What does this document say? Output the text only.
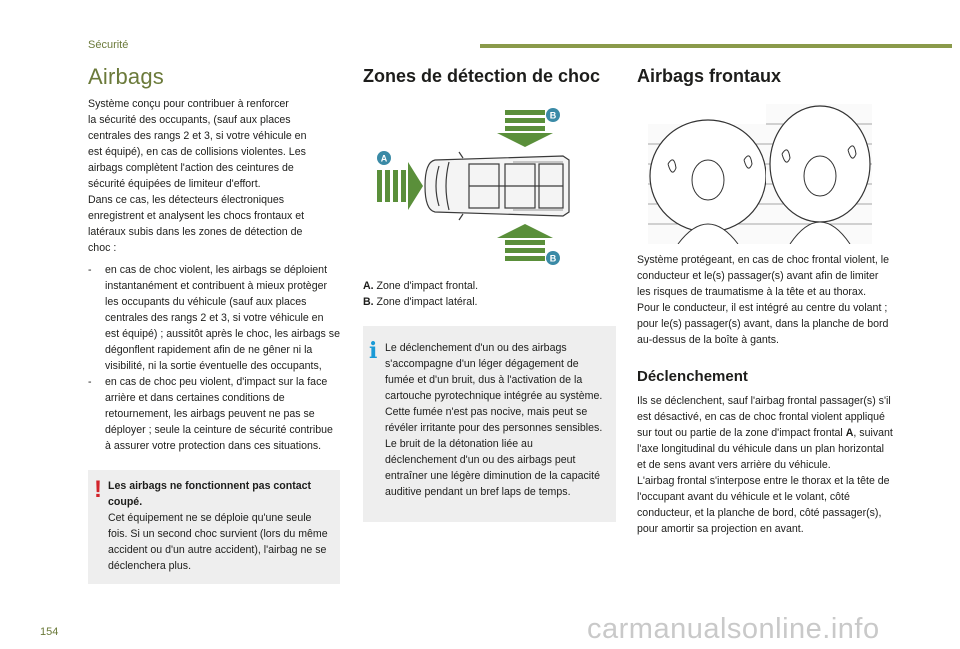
Sécurité
154	carmanualsonline.info
Airbags

Système conçu pour contribuer à renforcer

la sécurité des occupants, (sauf aux places

centrales des rangs 2 et 3, si votre véhicule en

est équipé), en cas de collisions violentes. Les

airbags complètent l'action des ceintures de

sécurité équipées de limiteur d'effort.

Dans ce cas, les détecteurs électroniques

enregistrent et analysent les chocs frontaux et

latéraux subis dans les zones de détection de

choc :

- en cas de choc violent, les airbags se déploient instantanément et contribuent à mieux protèger les occupants du véhicule (sauf aux places centrales des rangs 2 et 3, si votre véhicule en est équipé) ; aussitôt après le choc, les airbags se dégonflent rapidement afin de ne gêner ni la visibilité, ni la sortie éventuelle des occupants,
- en cas de choc peu violent, d'impact sur la face arrière et dans certaines conditions de retournement, les airbags peuvent ne pas se déployer ; seule la ceinture de sécurité contribue à assurer votre protection dans ces situations.
! Les airbags ne fonctionnent pas contact coupé.

Cet équipement ne se déploie qu'une seule fois. Si un second choc survient (lors du même accident ou d'un autre accident), l'airbag ne se déclenchera plus.

Zones de détection de choc
B
B
A
A. Zone d'impact frontal.
B. Zone d'impact latéral.
i Le déclenchement d'un ou des airbags s'accompagne d'un léger dégagement de fumée et d'un bruit, dus à l'activation de la cartouche pyrotechnique intégrée au système.

Cette fumée n'est pas nocive, mais peut se révéler irritante pour des personnes sensibles.

Le bruit de la détonation liée au déclenchement d'un ou des airbags peut entraîner une légère diminution de la capacité auditive pendant un bref laps de temps.

Airbags frontaux

Système protégeant, en cas de choc frontal violent, le conducteur et le(s) passager(s) avant afin de limiter les risques de traumatisme à la tête et au thorax.

Pour le conducteur, il est intégré au centre du volant ; pour le(s) passager(s) avant, dans la planche de bord au-dessus de la boîte à gants.

Déclenchement

Ils se déclenchent, sauf l'airbag frontal passager(s) s'il est désactivé, en cas de choc frontal violent appliqué sur tout ou partie de la zone d'impact frontal A, suivant l'axe longitudinal du véhicule dans un plan horizontal et de sens avant vers arrière du véhicule.

L'airbag frontal s'interpose entre le thorax et la tête de l'occupant avant du véhicule et le volant, côté conducteur, et la planche de bord, côté passager(s), pour amortir sa projection en avant.
